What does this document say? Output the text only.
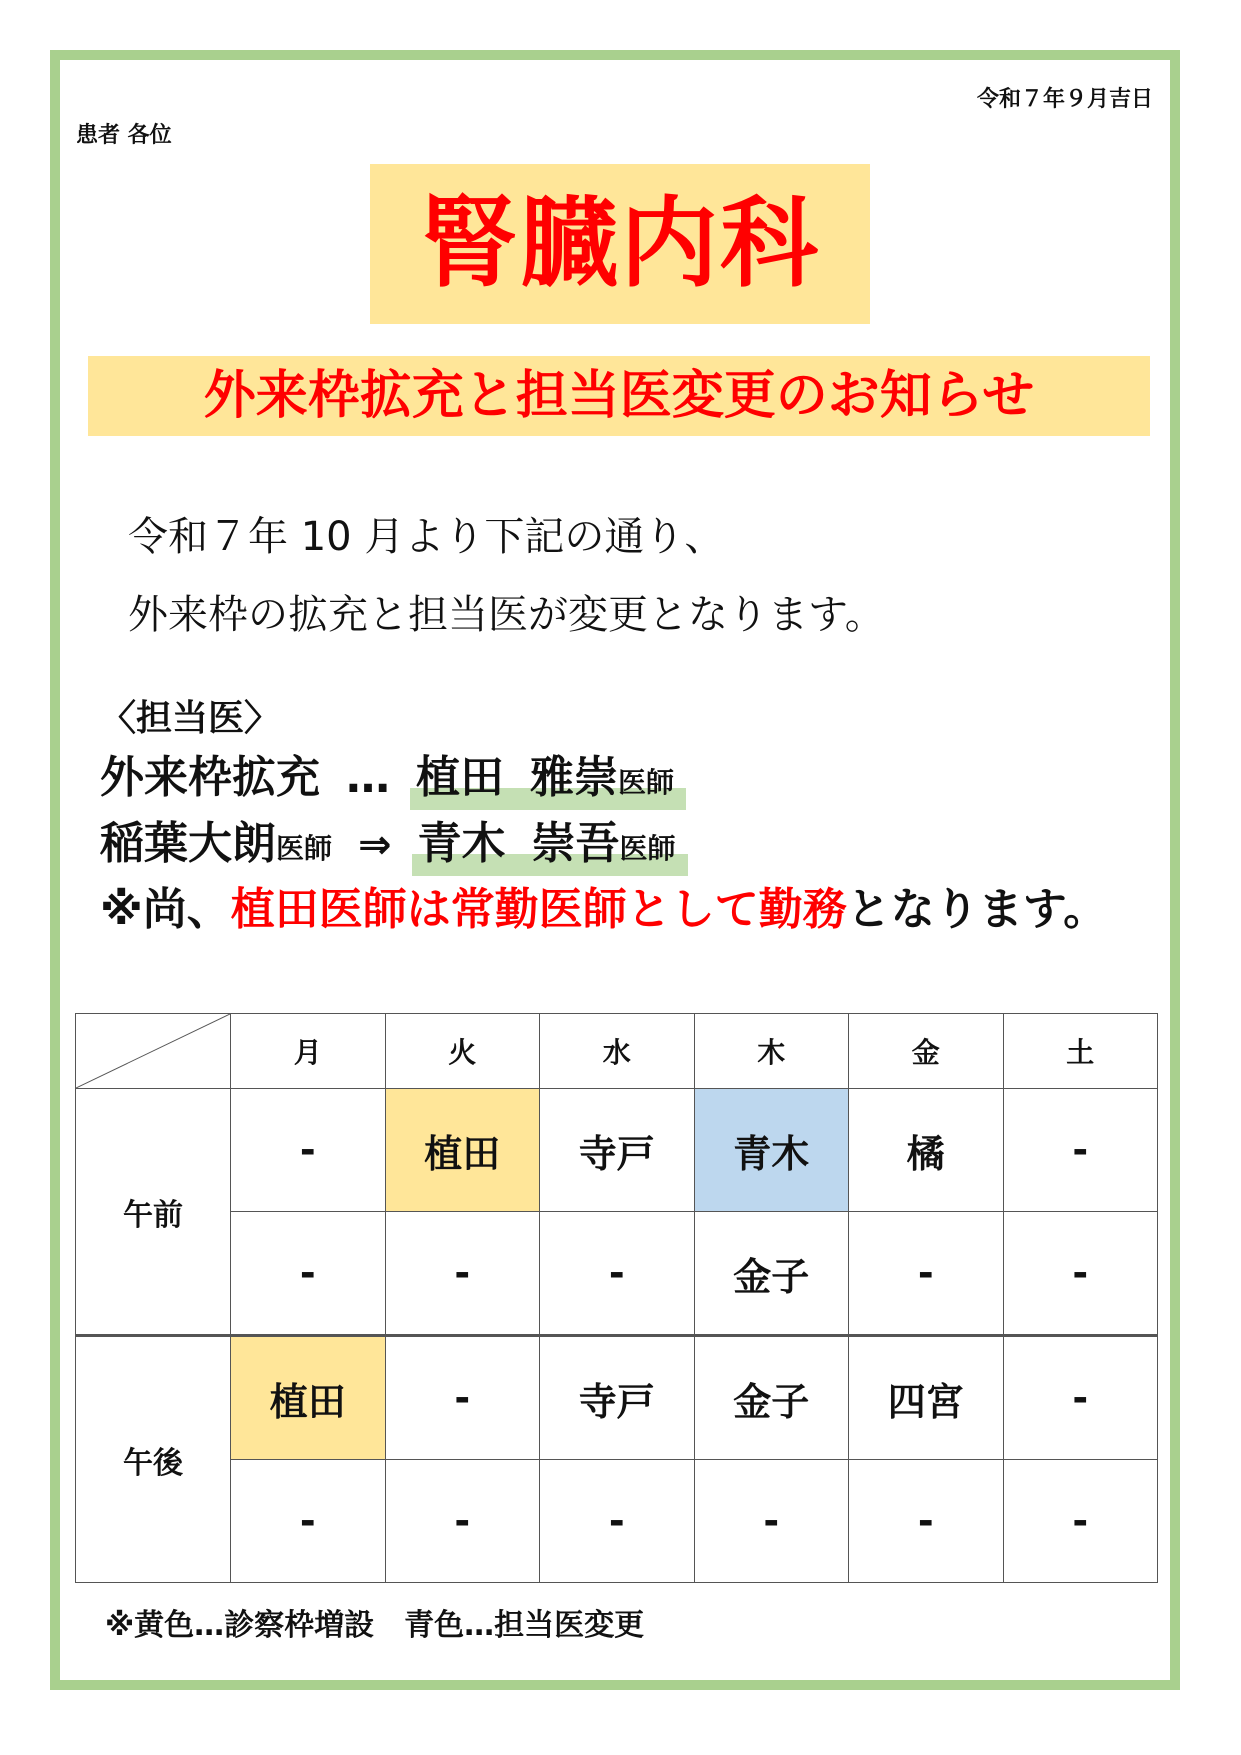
令和７年９月吉日
患者 各位
腎臓内科
外来枠拡充と担当医変更のお知らせ
令和７年 10 月より下記の通り、
外来枠の拡充と担当医が変更となります。
〈担当医〉
外来枠拡充 … 植田 雅崇医師
稲葉大朗医師 ⇒ 青木 崇吾医師
※尚、植田医師は常勤医師として勤務となります。
	月	火	水	木	金	土
午前	-	植田	寺戸	青木	橘	-
	-	-	-	金子	-	-
午後	植田	-	寺戸	金子	四宮	-
	-	-	-	-	-	-
※黄色…診察枠増設　青色…担当医変更
